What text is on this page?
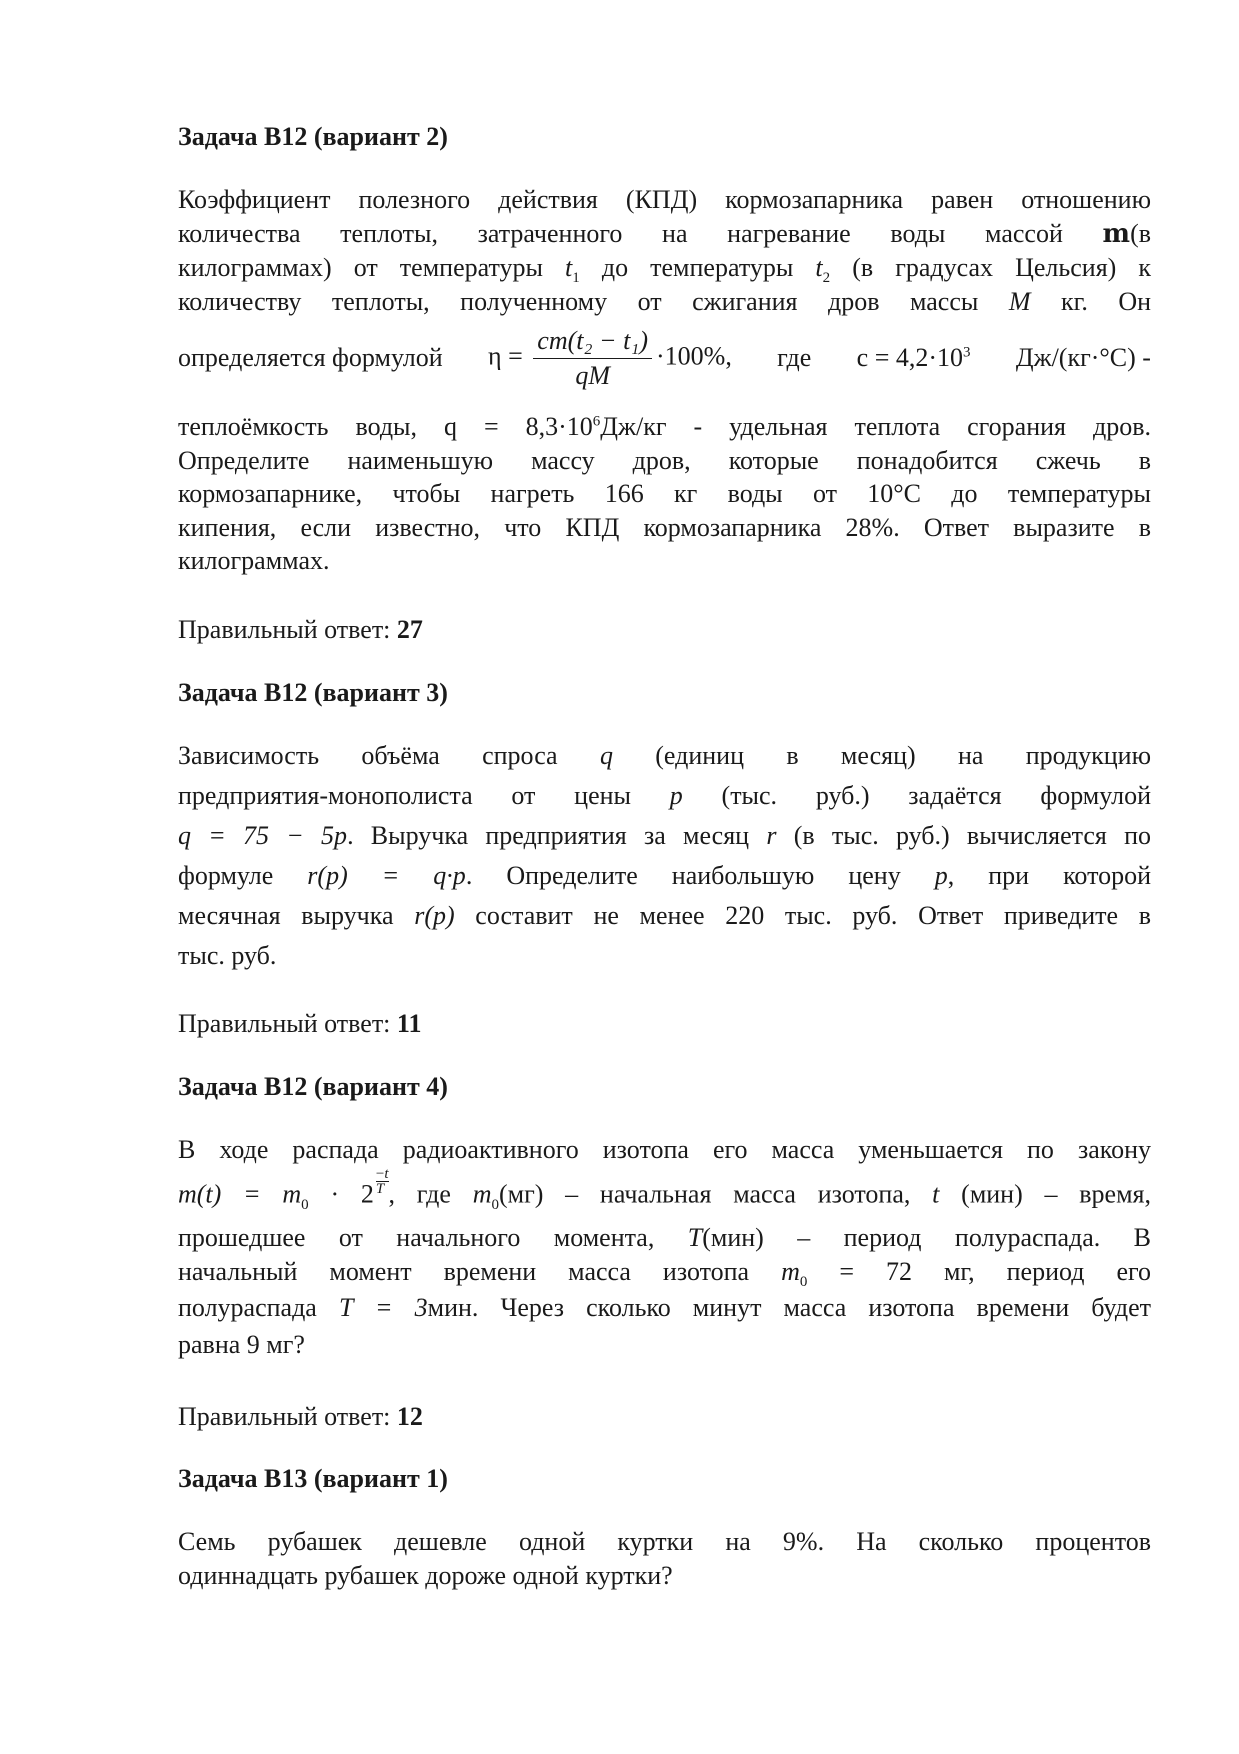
Задача B12 (вариант 2)
Коэффициент полезного действия (КПД) кормозапарника равен отношению
количества теплоты, затраченного на нагревание воды массой m(в
килограммах) от температуры $t_1$ до температуры $t_2$ (в градусах Цельсия) к
количеству теплоты, полученному от сжигания дров массы M кг. Он
определяется формулой $\eta = \frac{\text{cm(t₂ − t₁)}}{qM} \cdot 100\%$, где $c = 4,2\cdot 10^3$ Дж/(кг·°C) -
теплоёмкость воды, $q = 8,3\cdot 10^6Дж/кг$ - удельная теплота сгорания дров.
Определите наименьшую массу дров, которые понадобится сжечь в
кормозапарнике, чтобы нагреть 166 кг воды от 10°C до температуры
кипения, если известно, что КПД кормозапарника 28%. Ответ выразите в
килограммах.
Правильный ответ: 27
Задача B12 (вариант 3)
Зависимость объёма спроса q (единиц в месяц) на продукцию
предприятия-монополиста от цены p (тыс. руб.) задаётся формулой
q = 75 − 5p. Выручка предприятия за месяц r (в тыс. руб.) вычисляется по
формуле r(p) = q·p. Определите наибольшую цену p, при которой
месячная выручка r(p) составит не менее 220 тыс. руб. Ответ приведите в
тыс. руб.
Правильный ответ: 11
Задача B12 (вариант 4)
В ходе распада радиоактивного изотопа его масса уменьшается по закону
$m(t) = m_0 \cdot 2 \frac{-t}{T}$ , где $m_0(мг)$ – начальная масса изотопа, t (мин) – время,
прошедшее от начального момента, T(мин) – период полураспада. В
начальный момент времени масса изотопа $m_0 = 72$ мг, период его
полураспада T = 3мин. Через сколько минут масса изотопа времени будет
равна 9 мг?
Правильный ответ: 12
Задача B13 (вариант 1)
Семь рубашек дешевле одной куртки на 9%. На сколько процентов
одиннадцать рубашек дороже одной куртки?
